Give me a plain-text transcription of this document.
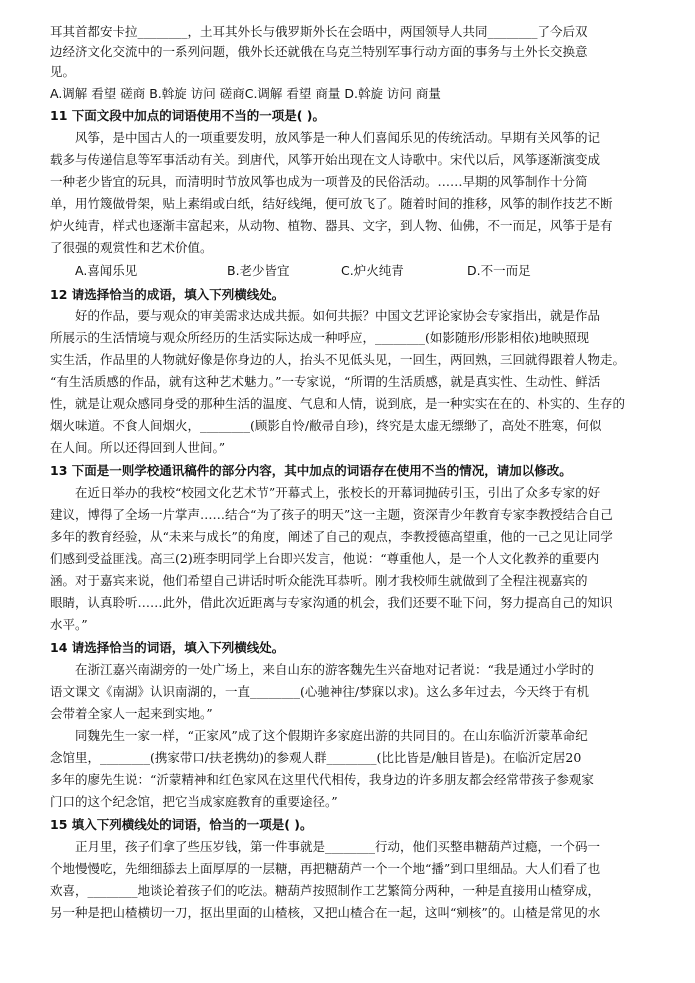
耳其首都安卡拉________，土耳其外长与俄罗斯外长在会晤中，两国领导人共同________了今后双
边经济文化交流中的一系列问题，俄外长还就俄在乌克兰特别军事行动方面的事务与土外长交换意
见。
A.调解 看望 磋商 B.斡旋 访问 磋商C.调解 看望 商量 D.斡旋 访问 商量
11 下面文段中加点的词语使用不当的一项是( )。
风筝，是中国古人的一项重要发明，放风筝是一种人们喜闻乐见的传统活动。早期有关风筝的记
载多与传递信息等军事活动有关。到唐代，风筝开始出现在文人诗歌中。宋代以后，风筝逐渐演变成
一种老少皆宜的玩具，而清明时节放风筝也成为一项普及的民俗活动。……早期的风筝制作十分简
单，用竹篾做骨架，贴上素绢或白纸，结好线绳，便可放飞了。随着时间的推移，风筝的制作技艺不断
炉火纯青，样式也逐渐丰富起来，从动物、植物、器具、文字，到人物、仙佛，不一而足，风筝于是有
了很强的观赏性和艺术价值。
A.喜闻乐见	B.老少皆宜	C.炉火纯青	D.不一而足
12 请选择恰当的成语，填入下列横线处。
好的作品，要与观众的审美需求达成共振。如何共振？中国文艺评论家协会专家指出，就是作品
所展示的生活情境与观众所经历的生活实际达成一种呼应，________(如影随形/形影相依)地映照现
实生活，作品里的人物就好像是你身边的人，抬头不见低头见，一回生，两回熟，三回就得跟着人物走。
“有生活质感的作品，就有这种艺术魅力。”一专家说，“所谓的生活质感，就是真实性、生动性、鲜活
性，就是让观众感同身受的那种生活的温度、气息和人情，说到底，是一种实实在在的、朴实的、生存的
烟火味道。不食人间烟火，________(顾影自怜/敝帚自珍)，终究是太虚无缥缈了，高处不胜寒，何似
在人间。所以还得回到人世间。”
13 下面是一则学校通讯稿件的部分内容，其中加点的词语存在使用不当的情况，请加以修改。
在近日举办的我校“校园文化艺术节”开幕式上，张校长的开幕词抛砖引玉，引出了众多专家的好
建议，博得了全场一片掌声……结合“为了孩子的明天”这一主题，资深青少年教育专家李教授结合自己
多年的教育经验，从“未来与成长”的角度，阐述了自己的观点，李教授德高望重，他的一己之见让同学
们感到受益匪浅。高三(2)班李明同学上台即兴发言，他说：“尊重他人，是一个人文化教养的重要内
涵。对于嘉宾来说，他们希望自己讲话时听众能洗耳恭听。刚才我校师生就做到了全程注视嘉宾的
眼睛，认真聆听……此外，借此次近距离与专家沟通的机会，我们还要不耻下问，努力提高自己的知识
水平。”
14 请选择恰当的词语，填入下列横线处。
在浙江嘉兴南湖旁的一处广场上，来自山东的游客魏先生兴奋地对记者说：“我是通过小学时的
语文课文《南湖》认识南湖的，一直________(心驰神往/梦寐以求)。这么多年过去，今天终于有机
会带着全家人一起来到实地。”
同魏先生一家一样，“正家风”成了这个假期许多家庭出游的共同目的。在山东临沂沂蒙革命纪
念馆里，________(携家带口/扶老携幼)的参观人群________(比比皆是/触目皆是)。在临沂定居20
多年的廖先生说：“沂蒙精神和红色家风在这里代代相传，我身边的许多朋友都会经常带孩子参观家
门口的这个纪念馆，把它当成家庭教育的重要途径。”
15 填入下列横线处的词语，恰当的一项是( )。
正月里，孩子们拿了些压岁钱，第一件事就是________行动，他们买整串糖葫芦过瘾，一个码一
个地慢慢吃，先细细舔去上面厚厚的一层糖，再把糖葫芦一个一个地“播”到口里细品。大人们看了也
欢喜，________地谈论着孩子们的吃法。糖葫芦按照制作工艺繁简分两种，一种是直接用山楂穿成，
另一种是把山楂横切一刀，抠出里面的山楂核，又把山楂合在一起，这叫“剜核”的。山楂是常见的水
